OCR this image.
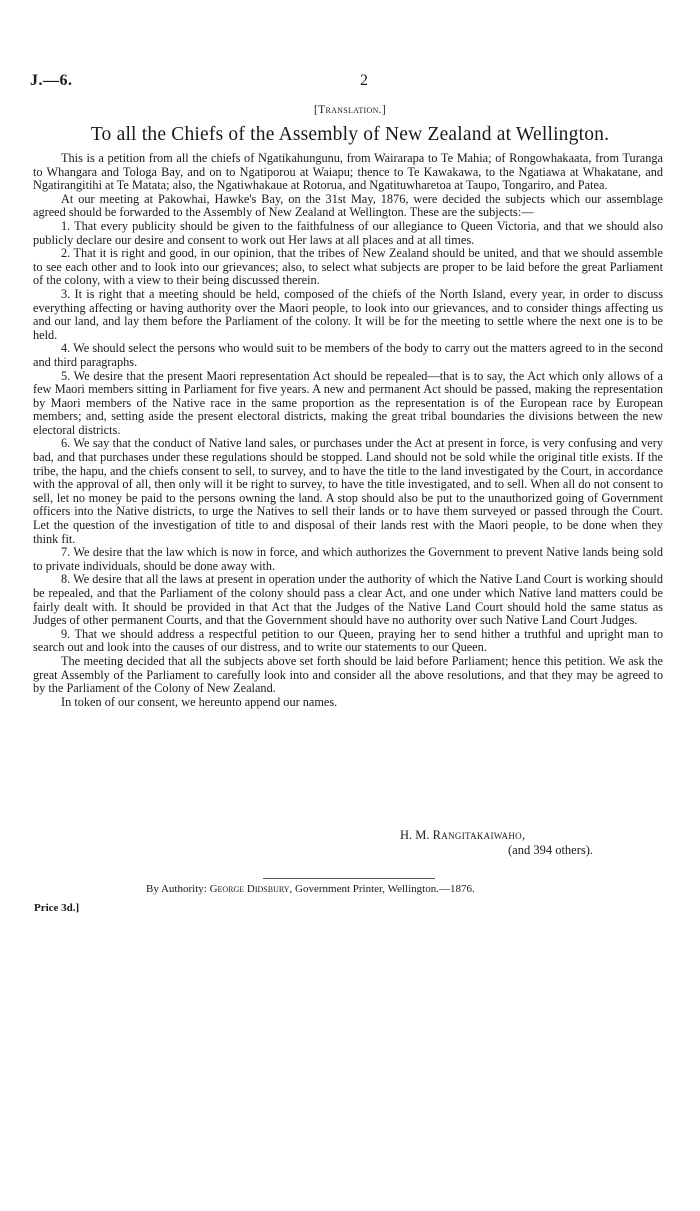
J.—6.	2
[Translation.]
To all the Chiefs of the Assembly of New Zealand at Wellington.

This is a petition from all the chiefs of Ngatikahungunu, from Wairarapa to Te Mahia; of Rongowhakaata, from Turanga to Whangara and Tologa Bay, and on to Ngatiporou at Waiapu; thence to Te Kawakawa, to the Ngatiawa at Whakatane, and Ngatirangitihi at Te Matata; also, the Ngatiwhakaue at Rotorua, and Ngatituwharetoa at Taupo, Tongariro, and Patea.

At our meeting at Pakowhai, Hawke's Bay, on the 31st May, 1876, were decided the subjects which our assemblage agreed should be forwarded to the Assembly of New Zealand at Wellington. These are the subjects:—

1. That every publicity should be given to the faithfulness of our allegiance to Queen Victoria, and that we should also publicly declare our desire and consent to work out Her laws at all places and at all times.

2. That it is right and good, in our opinion, that the tribes of New Zealand should be united, and that we should assemble to see each other and to look into our grievances; also, to select what subjects are proper to be laid before the great Parliament of the colony, with a view to their being discussed therein.

3. It is right that a meeting should be held, composed of the chiefs of the North Island, every year, in order to discuss everything affecting or having authority over the Maori people, to look into our grievances, and to consider things affecting us and our land, and lay them before the Parliament of the colony. It will be for the meeting to settle where the next one is to be held.

4. We should select the persons who would suit to be members of the body to carry out the matters agreed to in the second and third paragraphs.

5. We desire that the present Maori representation Act should be repealed—that is to say, the Act which only allows of a few Maori members sitting in Parliament for five years. A new and permanent Act should be passed, making the representation by Maori members of the Native race in the same proportion as the representation is of the European race by European members; and, setting aside the present electoral districts, making the great tribal boundaries the divisions between the new electoral districts.

6. We say that the conduct of Native land sales, or purchases under the Act at present in force, is very confusing and very bad, and that purchases under these regulations should be stopped. Land should not be sold while the original title exists. If the tribe, the hapu, and the chiefs consent to sell, to survey, and to have the title to the land investigated by the Court, in accordance with the approval of all, then only will it be right to survey, to have the title investigated, and to sell. When all do not consent to sell, let no money be paid to the persons owning the land. A stop should also be put to the unauthorized going of Government officers into the Native districts, to urge the Natives to sell their lands or to have them surveyed or passed through the Court. Let the question of the investigation of title to and disposal of their lands rest with the Maori people, to be done when they think fit.

7. We desire that the law which is now in force, and which authorizes the Government to prevent Native lands being sold to private individuals, should be done away with.

8. We desire that all the laws at present in operation under the authority of which the Native Land Court is working should be repealed, and that the Parliament of the colony should pass a clear Act, and one under which Native land matters could be fairly dealt with. It should be provided in that Act that the Judges of the Native Land Court should hold the same status as Judges of other permanent Courts, and that the Government should have no authority over such Native Land Court Judges.

9. That we should address a respectful petition to our Queen, praying her to send hither a truthful and upright man to search out and look into the causes of our distress, and to write our statements to our Queen.

The meeting decided that all the subjects above set forth should be laid before Parliament; hence this petition. We ask the great Assembly of the Parliament to carefully look into and consider all the above resolutions, and that they may be agreed to by the Parliament of the Colony of New Zealand.

In token of our consent, we hereunto append our names.

H. M. Rangitakaiwaho,
(and 394 others).
By Authority: George Didsbury, Government Printer, Wellington.—1876.
Price 3d.]
